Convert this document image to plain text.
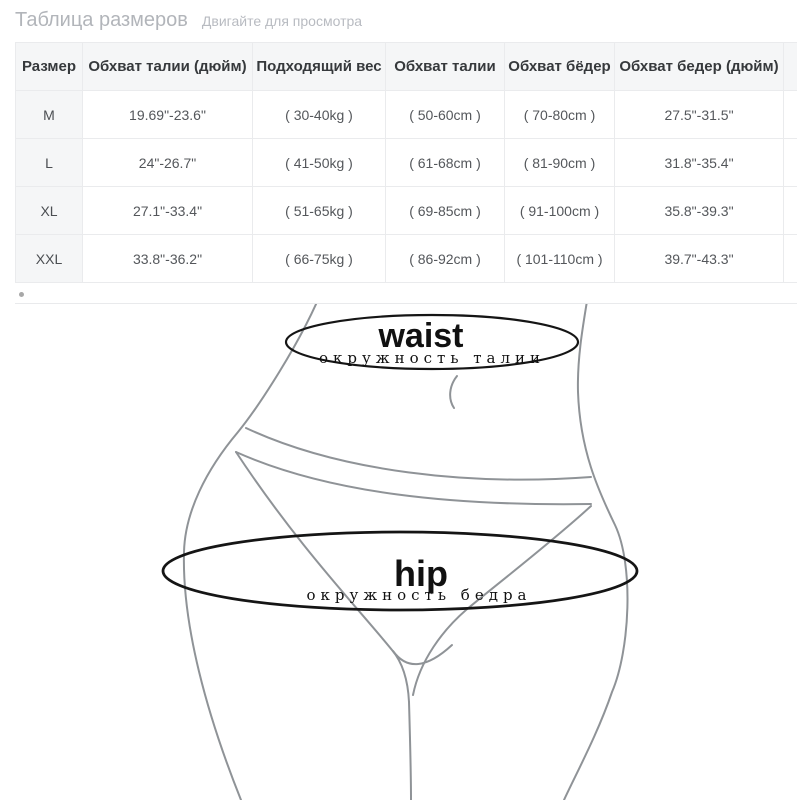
Таблица размеров Двигайте для просмотра
Размер	Обхват талии (дюйм)	Подходящий вес	Обхват талии	Обхват бёдер	Обхват бедер (дюйм)	
M	19.69"-23.6"	( 30-40kg )	( 50-60cm )	( 70-80cm )	27.5"-31.5"	
L	24"-26.7"	( 41-50kg )	( 61-68cm )	( 81-90cm )	31.8"-35.4"	
XL	27.1"-33.4"	( 51-65kg )	( 69-85cm )	( 91-100cm )	35.8"-39.3"	
XXL	33.8"-36.2"	( 66-75kg )	( 86-92cm )	( 101-110cm )	39.7"-43.3"	
waist
окружность талии
hip
окружность бедра
